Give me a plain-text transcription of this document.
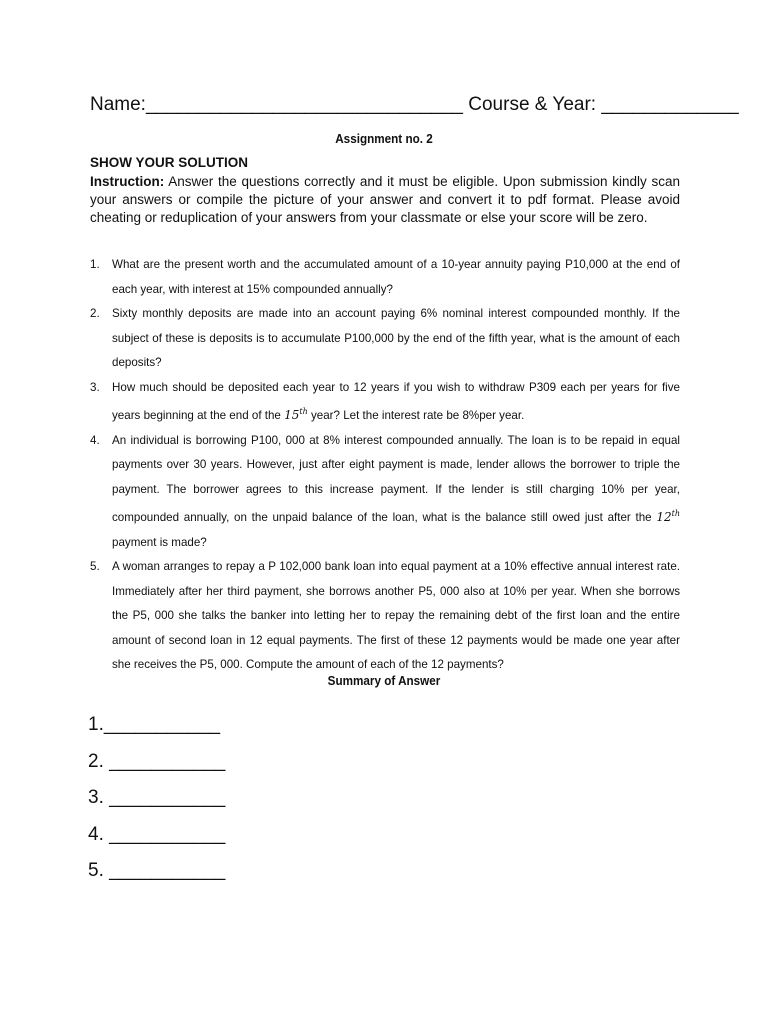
Name:______________________________ Course & Year: _____________
Assignment no. 2
SHOW YOUR SOLUTION
Instruction: Answer the questions correctly and it must be eligible. Upon submission kindly scan your answers or compile the picture of your answer and convert it to pdf format. Please avoid cheating or reduplication of your answers from your classmate or else your score will be zero.
1. What are the present worth and the accumulated amount of a 10-year annuity paying P10,000 at the end of each year, with interest at 15% compounded annually?
2. Sixty monthly deposits are made into an account paying 6% nominal interest compounded monthly. If the subject of these is deposits is to accumulate P100,000 by the end of the fifth year, what is the amount of each deposits?
3. How much should be deposited each year to 12 years if you wish to withdraw P309 each per years for five years beginning at the end of the 15th year? Let the interest rate be 8%per year.
4. An individual is borrowing P100, 000 at 8% interest compounded annually. The loan is to be repaid in equal payments over 30 years. However, just after eight payment is made, lender allows the borrower to triple the payment. The borrower agrees to this increase payment. If the lender is still charging 10% per year, compounded annually, on the unpaid balance of the loan, what is the balance still owed just after the 12th payment is made?
5. A woman arranges to repay a P 102,000 bank loan into equal payment at a 10% effective annual interest rate. Immediately after her third payment, she borrows another P5, 000 also at 10% per year. When she borrows the P5, 000 she talks the banker into letting her to repay the remaining debt of the first loan and the entire amount of second loan in 12 equal payments. The first of these 12 payments would be made one year after she receives the P5, 000. Compute the amount of each of the 12 payments?
Summary of Answer
1.___________
2. ___________
3. ___________
4. ___________
5. ___________
